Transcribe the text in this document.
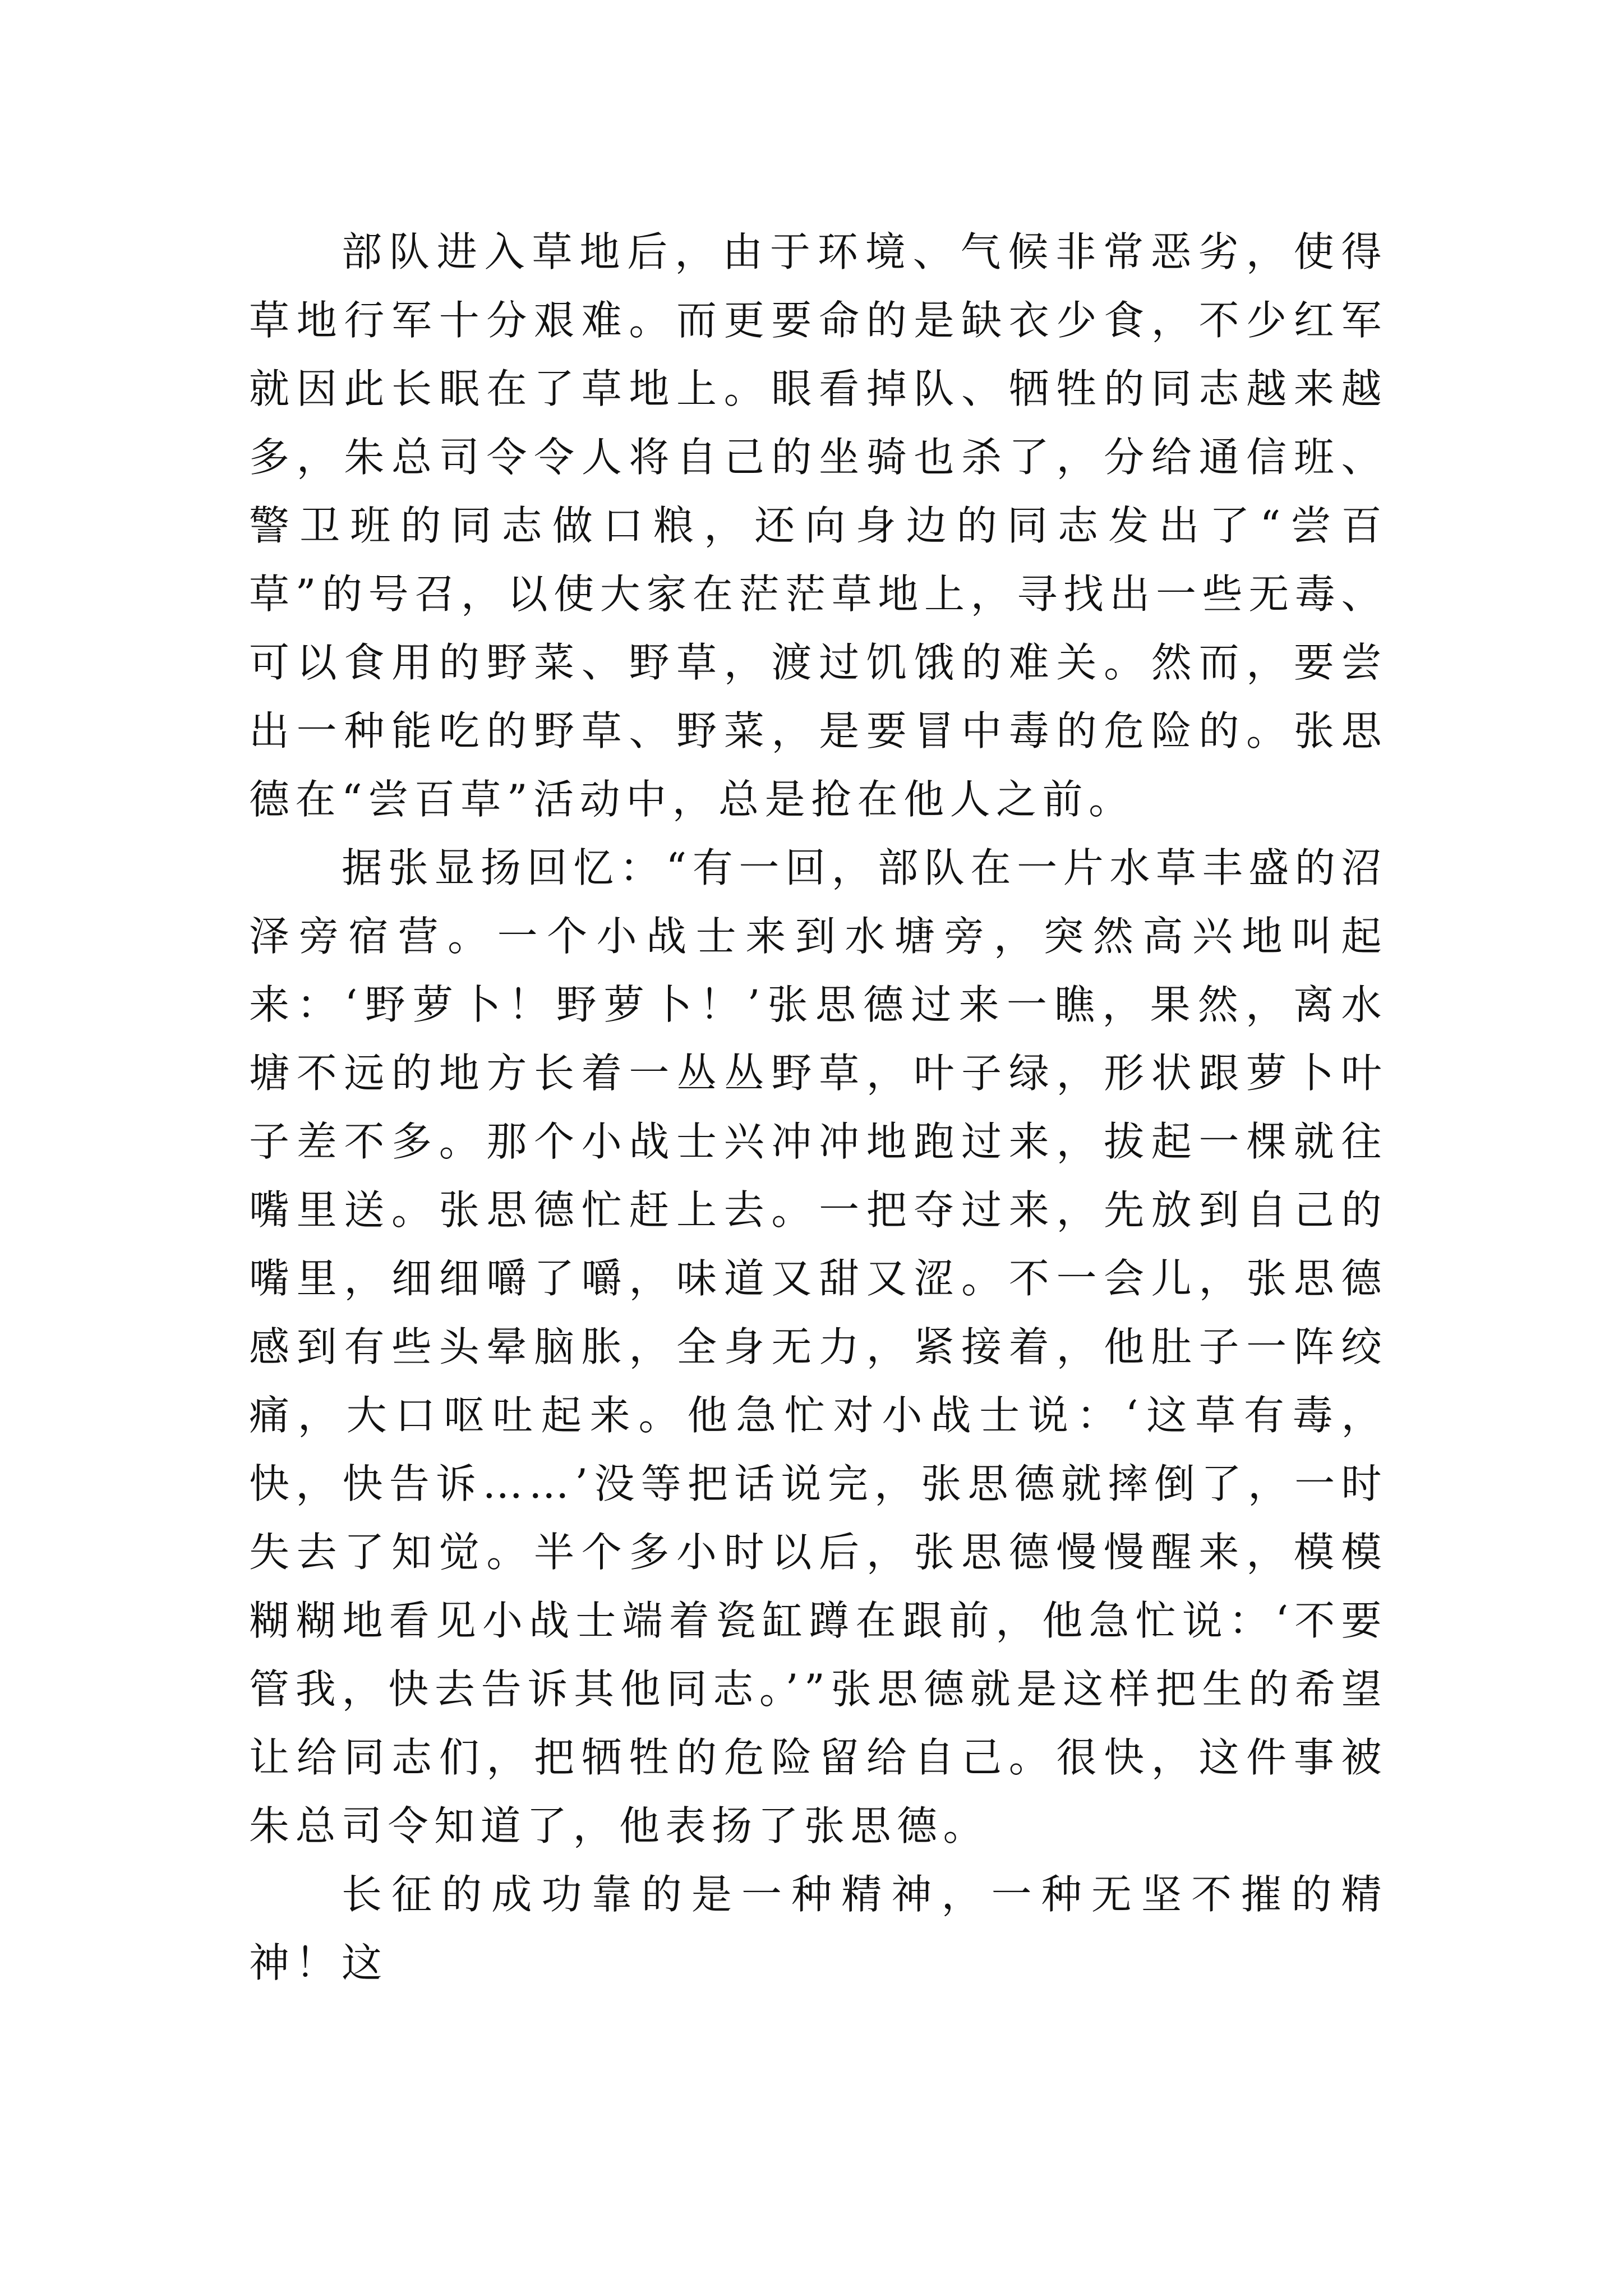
部队进入草地后，由于环境、气候非常恶劣，使得草地行军十分艰难。而更要命的是缺衣少食，不少红军就因此长眠在了草地上。眼看掉队、牺牲的同志越来越多，朱总司令令人将自己的坐骑也杀了，分给通信班、警卫班的同志做口粮，还向身边的同志发出了“尝百草”的号召，以使大家在茫茫草地上，寻找出一些无毒、可以食用的野菜、野草，渡过饥饿的难关。然而，要尝出一种能吃的野草、野菜，是要冒中毒的危险的。张思德在“尝百草”活动中，总是抢在他人之前。

据张显扬回忆：“有一回，部队在一片水草丰盛的沼泽旁宿营。一个小战士来到水塘旁，突然高兴地叫起来：‘野萝卜！野萝卜！’张思德过来一瞧，果然，离水塘不远的地方长着一丛丛野草，叶子绿，形状跟萝卜叶子差不多。那个小战士兴冲冲地跑过来，拔起一棵就往嘴里送。张思德忙赶上去。一把夺过来，先放到自己的嘴里，细细嚼了嚼，味道又甜又涩。不一会儿，张思德感到有些头晕脑胀，全身无力，紧接着，他肚子一阵绞痛，大口呕吐起来。他急忙对小战士说：‘这草有毒，快，快告诉……’没等把话说完，张思德就摔倒了，一时失去了知觉。半个多小时以后，张思德慢慢醒来，模模糊糊地看见小战士端着瓷缸蹲在跟前，他急忙说：‘不要管我，快去告诉其他同志。’”张思德就是这样把生的希望让给同志们，把牺牲的危险留给自己。很快，这件事被朱总司令知道了，他表扬了张思德。

长征的成功靠的是一种精神，一种无坚不摧的精神！这
